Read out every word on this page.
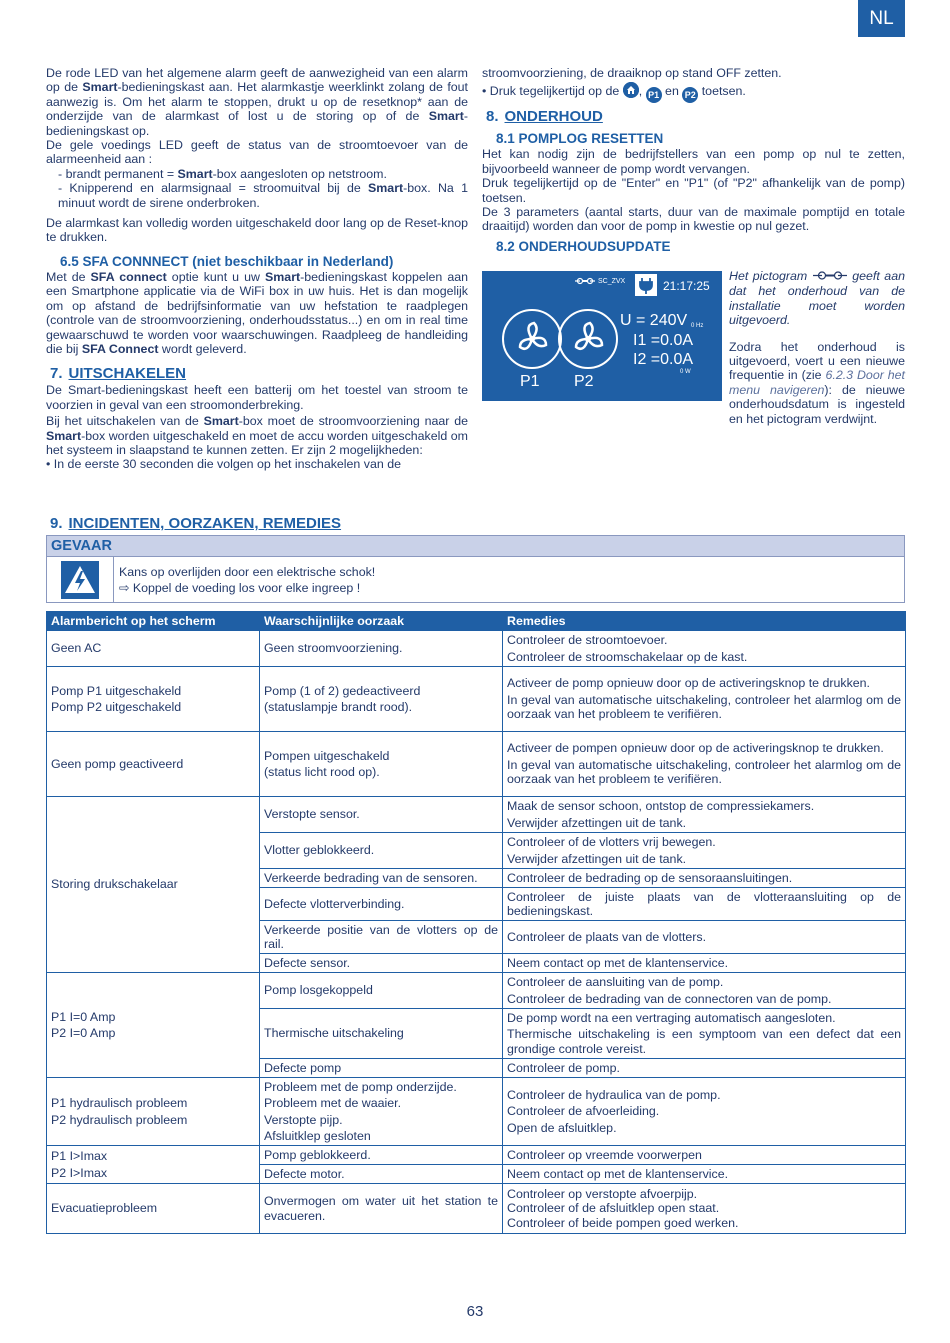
NL

De rode LED van het algemene alarm geeft de aanwezigheid van een alarm op de Smart-bedieningskast aan. Het alarmkastje weerklinkt zolang de fout aanwezig is. Om het alarm te stoppen, drukt u op de resetknop* aan de onderzijde van de alarmkast of lost u de storing op of de Smart-bedieningskast op.

De gele voedings LED geeft de status van de stroomtoevoer van de alarmeenheid aan :

- brandt permanent = Smart-box aangesloten op netstroom.

- Knipperend en alarmsignaal = stroomuitval bij de Smart-box. Na 1 minuut wordt de sirene onderbroken.

De alarmkast kan volledig worden uitgeschakeld door lang op de Reset-knop te drukken.

6.5 SFA CONNNECT (niet beschikbaar in Nederland)

Met de SFA connect optie kunt u uw Smart-bedieningskast koppelen aan een Smartphone applicatie via de WiFi box in uw huis. Het is dan mogelijk om op afstand de bedrijfsinformatie van uw hefstation te raadplegen (controle van de stroomvoorziening, onderhoudsstatus...) en om in real time gewaarschuwd te worden voor waarschuwingen. Raadpleeg de handleiding die bij SFA Connect wordt geleverd.

7. UITSCHAKELEN

De Smart-bedieningskast heeft een batterij om het toestel van stroom te voorzien in geval van een stroomonderbreking.

Bij het uitschakelen van de Smart-box moet de stroomvoorziening naar de Smart-box worden uitgeschakeld en moet de accu worden uitgeschakeld om het systeem in slaapstand te kunnen zetten. Er zijn 2 mogelijkheden:

• In de eerste 30 seconden die volgen op het inschakelen van de

stroomvoorziening, de draaiknop op stand OFF zetten.

• Druk tegelijkertijd op de , P1 en P2 toetsen.

8. ONDERHOUD
8.1 POMPLOG RESETTEN

Het kan nodig zijn de bedrijfstellers van een pomp op nul te zetten, bijvoorbeeld wanneer de pomp wordt vervangen.

Druk tegelijkertijd op de "Enter" en "P1" (of "P2" afhankelijk van de pomp) toetsen.

De 3 parameters (aantal starts, duur van de maximale pomptijd en totale draaitijd) worden dan voor de pomp in kwestie op nul gezet.

8.2 ONDERHOUDSUPDATE
SC_ZVX	21:17:25
P1 P2
U = 240V 0 Hz
I1 =0.0A
I2 =0.0A
0 W

Het pictogram	geeft aan dat het onderhoud van de installatie moet worden uitgevoerd.

Zodra het onderhoud is uitgevoerd, voert u een nieuwe frequentie in (zie 6.2.3 Door het menu navigeren): de nieuwe onderhoudsdatum is ingesteld en het pictogram verdwijnt.

9. INCIDENTEN, OORZAKEN, REMEDIES
GEVAAR
Kans op overlijden door een elektrische schok!
⇨ Koppel de voeding los voor elke ingreep !
Alarmbericht op het scherm	Waarschijnlijke oorzaak	Remedies
Geen AC	Geen stroomvoorziening.	Controleer de stroomtoevoer.
Controleer de stroomschakelaar op de kast.

Pomp P1 uitgeschakeld
Pomp P2 uitgeschakeld	Pomp (1 of 2) gedeactiveerd
(statuslampje brandt rood).	Activeer de pomp opnieuw door op de activeringsknop te drukken.
In geval van automatische uitschakeling, controleer het alarmlog om de oorzaak van het probleem te verifiëren.

Geen pomp geactiveerd	Pompen uitgeschakeld
(status licht rood op).	Activeer de pompen opnieuw door op de activeringsknop te drukken.
In geval van automatische uitschakeling, controleer het alarmlog om de oorzaak van het probleem te verifiëren.

Storing drukschakelaar	Verstopte sensor.	Maak de sensor schoon, ontstop de compressiekamers.
Verwijder afzettingen uit de tank.

	Vlotter geblokkeerd.	Controleer of de vlotters vrij bewegen.
Verwijder afzettingen uit de tank.

	Verkeerde bedrading van de sensoren.	Controleer de bedrading op de sensoraansluitingen.
	Defecte vlotterverbinding.	Controleer de juiste plaats van de vlotteraansluiting op de bedieningskast.
	Verkeerde positie van de vlotters op de rail.	Controleer de plaats van de vlotters.
	Defecte sensor.	Neem contact op met de klantenservice.

P1 I=0 Amp
P2 I=0 Amp	Pomp losgekoppeld	Controleer de aansluiting van de pomp.
Controleer de bedrading van de connectoren van de pomp.

	Thermische uitschakeling	De pomp wordt na een vertraging automatisch aangesloten.
Thermische uitschakeling is een symptoom van een defect dat een grondige controle vereist.

	Defecte pomp	Controleer de pomp.

P1 hydraulisch probleem
P2 hydraulisch probleem	Probleem met de pomp onderzijde.
Probleem met de waaier.
Verstopte pijp.
Afsluitklep gesloten	Controleer de hydraulica van de pomp.
Controleer de afvoerleiding.
Open de afsluitklep.

P1 I>Imax
P2 I>Imax	Pomp geblokkeerd.	Controleer op vreemde voorwerpen
	Defecte motor.	Neem contact op met de klantenservice.
Evacuatieprobleem	Onvermogen om water uit het station te evacueren.	Controleer op verstopte afvoerpijp.
Controleer of de afsluitklep open staat.
Controleer of beide pompen goed werken.
63
